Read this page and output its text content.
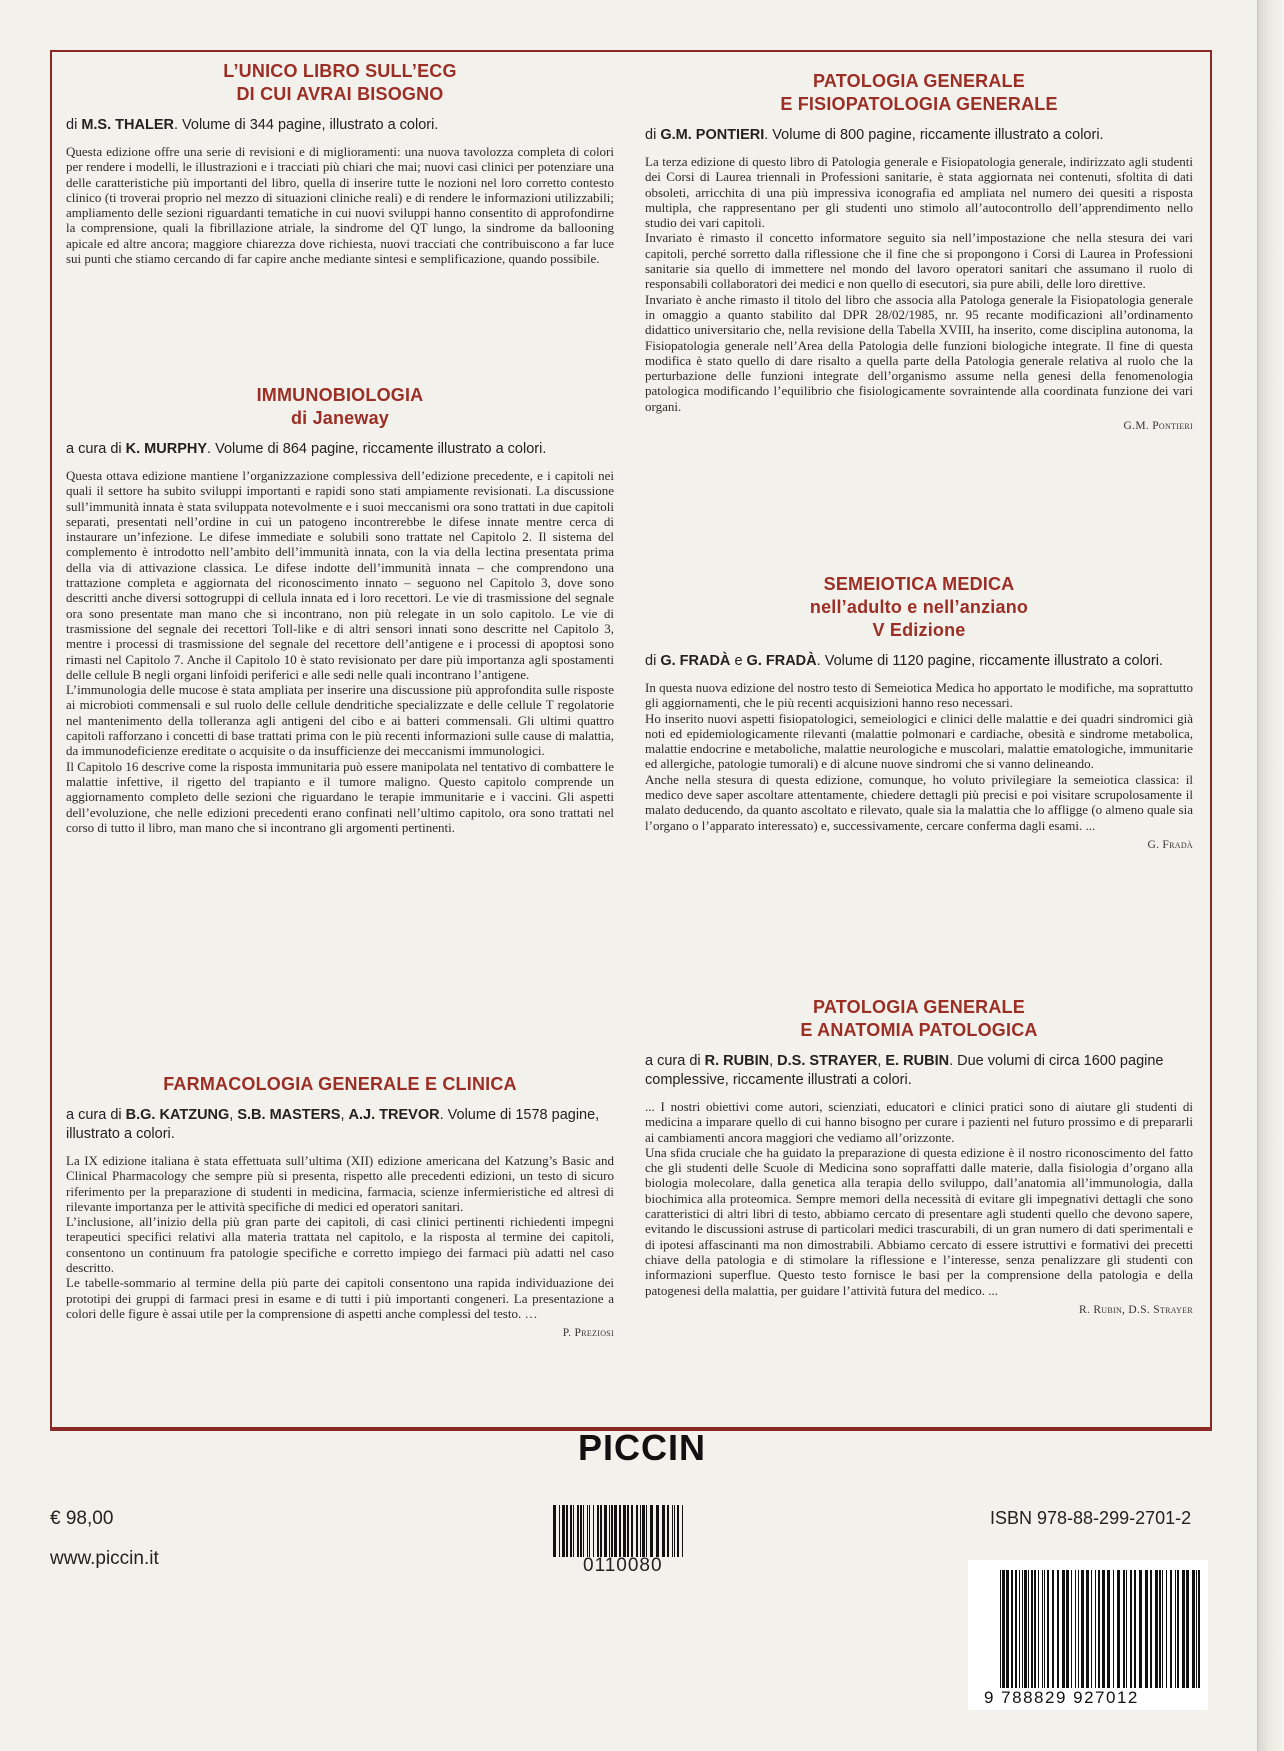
L’UNICO LIBRO SULL’ECG
DI CUI AVRAI BISOGNO
di M.S. THALER. Volume di 344 pagine, illustrato a colori.

Questa edizione offre una serie di revisioni e di miglioramenti: una nuova tavolozza completa di colori per rendere i modelli, le illustrazioni e i tracciati più chiari che mai; nuovi casi clinici per potenziare una delle caratteristiche più importanti del libro, quella di inserire tutte le nozioni nel loro corretto contesto clinico (ti troverai proprio nel mezzo di situazioni cliniche reali) e di rendere le informazioni utilizzabili; ampliamento delle sezioni riguardanti tematiche in cui nuovi sviluppi hanno consentito di approfondirne la comprensione, quali la fibrillazione atriale, la sindrome del QT lungo, la sindrome da ballooning apicale ed altre ancora; maggiore chiarezza dove richiesta, nuovi tracciati che contribuiscono a far luce sui punti che stiamo cercando di far capire anche mediante sintesi e semplificazione, quando possibile.

IMMUNOBIOLOGIA
di Janeway
a cura di K. MURPHY. Volume di 864 pagine, riccamente illustrato a colori.

Questa ottava edizione mantiene l’organizzazione complessiva dell’edizione precedente, e i capitoli nei quali il settore ha subito sviluppi importanti e rapidi sono stati ampiamente revisionati. La discussione sull’immunità innata è stata sviluppata notevolmente e i suoi meccanismi ora sono trattati in due capitoli separati, presentati nell’ordine in cui un patogeno incontrerebbe le difese innate mentre cerca di instaurare un’infezione. Le difese immediate e solubili sono trattate nel Capitolo 2. Il sistema del complemento è introdotto nell’ambito dell’immunità innata, con la via della lectina presentata prima della via di attivazione classica. Le difese indotte dell’immunità innata – che comprendono una trattazione completa e aggiornata del riconoscimento innato – seguono nel Capitolo 3, dove sono descritti anche diversi sottogruppi di cellula innata ed i loro recettori. Le vie di trasmissione del segnale ora sono presentate man mano che si incontrano, non più relegate in un solo capitolo. Le vie di trasmissione del segnale dei recettori Toll-like e di altri sensori innati sono descritte nel Capitolo 3, mentre i processi di trasmissione del segnale del recettore dell’antigene e i processi di apoptosi sono rimasti nel Capitolo 7. Anche il Capitolo 10 è stato revisionato per dare più importanza agli spostamenti delle cellule B negli organi linfoidi periferici e alle sedi nelle quali incontrano l’antigene.

L’immunologia delle mucose è stata ampliata per inserire una discussione più approfondita sulle risposte ai microbioti commensali e sul ruolo delle cellule dendritiche specializzate e delle cellule T regolatorie nel mantenimento della tolleranza agli antigeni del cibo e ai batteri commensali. Gli ultimi quattro capitoli rafforzano i concetti di base trattati prima con le più recenti informazioni sulle cause di malattia, da immunodeficienze ereditate o acquisite o da insufficienze dei meccanismi immunologici.

Il Capitolo 16 descrive come la risposta immunitaria può essere manipolata nel tentativo di combattere le malattie infettive, il rigetto del trapianto e il tumore maligno. Questo capitolo comprende un aggiornamento completo delle sezioni che riguardano le terapie immunitarie e i vaccini. Gli aspetti dell’evoluzione, che nelle edizioni precedenti erano confinati nell’ultimo capitolo, ora sono trattati nel corso di tutto il libro, man mano che si incontrano gli argomenti pertinenti.

FARMACOLOGIA GENERALE E CLINICA
a cura di B.G. KATZUNG, S.B. MASTERS, A.J. TREVOR. Volume di 1578 pagine, illustrato a colori.

La IX edizione italiana è stata effettuata sull’ultima (XII) edizione americana del Katzung’s Basic and Clinical Pharmacology che sempre più si presenta, rispetto alle precedenti edizioni, un testo di sicuro riferimento per la preparazione di studenti in medicina, farmacia, scienze infermieristiche ed altresì di rilevante importanza per le attività specifiche di medici ed operatori sanitari.

L’inclusione, all’inizio della più gran parte dei capitoli, di casi clinici pertinenti richiedenti impegni terapeutici specifici relativi alla materia trattata nel capitolo, e la risposta al termine dei capitoli, consentono un continuum fra patologie specifiche e corretto impiego dei farmaci più adatti nel caso descritto.

Le tabelle-sommario al termine della più parte dei capitoli consentono una rapida individuazione dei prototipi dei gruppi di farmaci presi in esame e di tutti i più importanti congeneri. La presentazione a colori delle figure è assai utile per la comprensione di aspetti anche complessi del testo. …

P. Preziosi
PATOLOGIA GENERALE
E FISIOPATOLOGIA GENERALE
di G.M. PONTIERI. Volume di 800 pagine, riccamente illustrato a colori.

La terza edizione di questo libro di Patologia generale e Fisiopatologia generale, indirizzato agli studenti dei Corsi di Laurea triennali in Professioni sanitarie, è stata aggiornata nei contenuti, sfoltita di dati obsoleti, arricchita di una più impressiva iconografia ed ampliata nel numero dei quesiti a risposta multipla, che rappresentano per gli studenti uno stimolo all’autocontrollo dell’apprendimento nello studio dei vari capitoli.

Invariato è rimasto il concetto informatore seguito sia nell’impostazione che nella stesura dei vari capitoli, perché sorretto dalla riflessione che il fine che si propongono i Corsi di Laurea in Professioni sanitarie sia quello di immettere nel mondo del lavoro operatori sanitari che assumano il ruolo di responsabili collaboratori dei medici e non quello di esecutori, sia pure abili, delle loro direttive.

Invariato è anche rimasto il titolo del libro che associa alla Patologa generale la Fisiopatologia generale in omaggio a quanto stabilito dal DPR 28/02/1985, nr. 95 recante modificazioni all’ordinamento didattico universitario che, nella revisione della Tabella XVIII, ha inserito, come disciplina autonoma, la Fisiopatologia generale nell’Area della Patologia delle funzioni biologiche integrate. Il fine di questa modifica è stato quello di dare risalto a quella parte della Patologia generale relativa al ruolo che la perturbazione delle funzioni integrate dell’organismo assume nella genesi della fenomenologia patologica modificando l’equilibrio che fisiologicamente sovraintende alla coordinata funzione dei vari organi.

G.M. Pontieri
SEMEIOTICA MEDICA
nell’adulto e nell’anziano
V Edizione
di G. FRADÀ e G. FRADÀ. Volume di 1120 pagine, riccamente illustrato a colori.

In questa nuova edizione del nostro testo di Semeiotica Medica ho apportato le modifiche, ma soprattutto gli aggiornamenti, che le più recenti acquisizioni hanno reso necessari.

Ho inserito nuovi aspetti fisiopatologici, semeiologici e clinici delle malattie e dei quadri sindromici già noti ed epidemiologicamente rilevanti (malattie polmonari e cardiache, obesità e sindrome metabolica, malattie endocrine e metaboliche, malattie neurologiche e muscolari, malattie ematologiche, immunitarie ed allergiche, patologie tumorali) e di alcune nuove sindromi che si vanno delineando.

Anche nella stesura di questa edizione, comunque, ho voluto privilegiare la semeiotica classica: il medico deve saper ascoltare attentamente, chiedere dettagli più precisi e poi visitare scrupolosamente il malato deducendo, da quanto ascoltato e rilevato, quale sia la malattia che lo affligge (o almeno quale sia l’organo o l’apparato interessato) e, successivamente, cercare conferma dagli esami. ...

G. Fradà
PATOLOGIA GENERALE
E ANATOMIA PATOLOGICA
a cura di R. RUBIN, D.S. STRAYER, E. RUBIN. Due volumi di circa 1600 pagine complessive, riccamente illustrati a colori.

... I nostri obiettivi come autori, scienziati, educatori e clinici pratici sono di aiutare gli studenti di medicina a imparare quello di cui hanno bisogno per curare i pazienti nel futuro prossimo e di prepararli ai cambiamenti ancora maggiori che vediamo all’orizzonte.

Una sfida cruciale che ha guidato la preparazione di questa edizione è il nostro riconoscimento del fatto che gli studenti delle Scuole di Medicina sono sopraffatti dalle materie, dalla fisiologia d’organo alla biologia molecolare, dalla genetica alla terapia dello sviluppo, dall’anatomia all’immunologia, dalla biochimica alla proteomica. Sempre memori della necessità di evitare gli impegnativi dettagli che sono caratteristici di altri libri di testo, abbiamo cercato di presentare agli studenti quello che devono sapere, evitando le discussioni astruse di particolari medici trascurabili, di un gran numero di dati sperimentali e di ipotesi affascinanti ma non dimostrabili. Abbiamo cercato di essere istruttivi e formativi dei precetti chiave della patologia e di stimolare la riflessione e l’interesse, senza penalizzare gli studenti con informazioni superflue. Questo testo fornisce le basi per la comprensione della patologia e della patogenesi della malattia, per guidare l’attività futura del medico. ...

R. Rubin, D.S. Strayer
PICCIN
€ 98,00
www.piccin.it
ISBN 978-88-299-2701-2
0110080
9 788829 927012
